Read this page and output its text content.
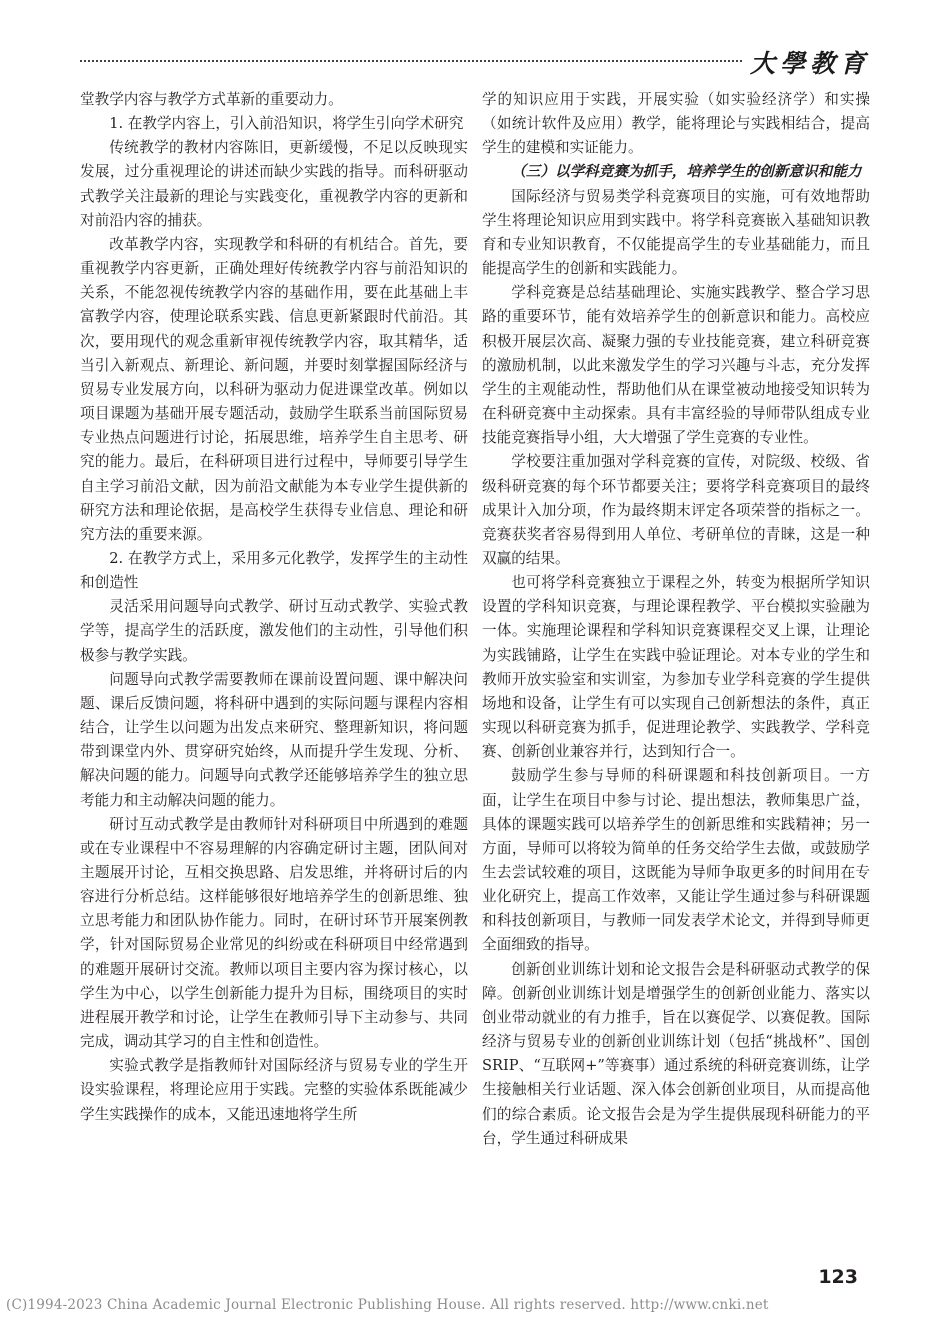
大學教育

堂教学内容与教学方式革新的重要动力。

1. 在教学内容上，引入前沿知识，将学生引向学术研究

传统教学的教材内容陈旧，更新缓慢，不足以反映现实发展，过分重视理论的讲述而缺少实践的指导。而科研驱动式教学关注最新的理论与实践变化，重视教学内容的更新和对前沿内容的捕获。

改革教学内容，实现教学和科研的有机结合。首先，要重视教学内容更新，正确处理好传统教学内容与前沿知识的关系，不能忽视传统教学内容的基础作用，要在此基础上丰富教学内容，使理论联系实践、信息更新紧跟时代前沿。其次，要用现代的观念重新审视传统教学内容，取其精华，适当引入新观点、新理论、新问题，并要时刻掌握国际经济与贸易专业发展方向，以科研为驱动力促进课堂改革。例如以项目课题为基础开展专题活动，鼓励学生联系当前国际贸易专业热点问题进行讨论，拓展思维，培养学生自主思考、研究的能力。最后，在科研项目进行过程中，导师要引导学生自主学习前沿文献，因为前沿文献能为本专业学生提供新的研究方法和理论依据，是高校学生获得专业信息、理论和研究方法的重要来源。

2. 在教学方式上，采用多元化教学，发挥学生的主动性和创造性

灵活采用问题导向式教学、研讨互动式教学、实验式教学等，提高学生的活跃度，激发他们的主动性，引导他们积极参与教学实践。

问题导向式教学需要教师在课前设置问题、课中解决问题、课后反馈问题，将科研中遇到的实际问题与课程内容相结合，让学生以问题为出发点来研究、整理新知识，将问题带到课堂内外、贯穿研究始终，从而提升学生发现、分析、解决问题的能力。问题导向式教学还能够培养学生的独立思考能力和主动解决问题的能力。

研讨互动式教学是由教师针对科研项目中所遇到的难题或在专业课程中不容易理解的内容确定研讨主题，团队间对主题展开讨论，互相交换思路、启发思维，并将研讨后的内容进行分析总结。这样能够很好地培养学生的创新思维、独立思考能力和团队协作能力。同时，在研讨环节开展案例教学，针对国际贸易企业常见的纠纷或在科研项目中经常遇到的难题开展研讨交流。教师以项目主要内容为探讨核心，以学生为中心，以学生创新能力提升为目标，围绕项目的实时进程展开教学和讨论，让学生在教师引导下主动参与、共同完成，调动其学习的自主性和创造性。

实验式教学是指教师针对国际经济与贸易专业的学生开设实验课程，将理论应用于实践。完整的实验体系既能减少学生实践操作的成本，又能迅速地将学生所

学的知识应用于实践，开展实验（如实验经济学）和实操（如统计软件及应用）教学，能将理论与实践相结合，提高学生的建模和实证能力。

（三）以学科竞赛为抓手，培养学生的创新意识和能力

国际经济与贸易类学科竞赛项目的实施，可有效地帮助学生将理论知识应用到实践中。将学科竞赛嵌入基础知识教育和专业知识教育，不仅能提高学生的专业基础能力，而且能提高学生的创新和实践能力。

学科竞赛是总结基础理论、实施实践教学、整合学习思路的重要环节，能有效培养学生的创新意识和能力。高校应积极开展层次高、凝聚力强的专业技能竞赛，建立科研竞赛的激励机制，以此来激发学生的学习兴趣与斗志，充分发挥学生的主观能动性，帮助他们从在课堂被动地接受知识转为在科研竞赛中主动探索。具有丰富经验的导师带队组成专业技能竞赛指导小组，大大增强了学生竞赛的专业性。

学校要注重加强对学科竞赛的宣传，对院级、校级、省级科研竞赛的每个环节都要关注；要将学科竞赛项目的最终成果计入加分项，作为最终期末评定各项荣誉的指标之一。竞赛获奖者容易得到用人单位、考研单位的青睐，这是一种双赢的结果。

也可将学科竞赛独立于课程之外，转变为根据所学知识设置的学科知识竞赛，与理论课程教学、平台模拟实验融为一体。实施理论课程和学科知识竞赛课程交叉上课，让理论为实践铺路，让学生在实践中验证理论。对本专业的学生和教师开放实验室和实训室，为参加专业学科竞赛的学生提供场地和设备，让学生有可以实现自己创新想法的条件，真正实现以科研竞赛为抓手，促进理论教学、实践教学、学科竞赛、创新创业兼容并行，达到知行合一。

鼓励学生参与导师的科研课题和科技创新项目。一方面，让学生在项目中参与讨论、提出想法，教师集思广益，具体的课题实践可以培养学生的创新思维和实践精神；另一方面，导师可以将较为简单的任务交给学生去做，或鼓励学生去尝试较难的项目，这既能为导师争取更多的时间用在专业化研究上，提高工作效率，又能让学生通过参与科研课题和科技创新项目，与教师一同发表学术论文，并得到导师更全面细致的指导。

创新创业训练计划和论文报告会是科研驱动式教学的保障。创新创业训练计划是增强学生的创新创业能力、落实以创业带动就业的有力推手，旨在以赛促学、以赛促教。国际经济与贸易专业的创新创业训练计划（包括“挑战杯”、国创SRIP、“互联网+”等赛事）通过系统的科研竞赛训练，让学生接触相关行业话题、深入体会创新创业项目，从而提高他们的综合素质。论文报告会是为学生提供展现科研能力的平台，学生通过科研成果

123
(C)1994-2023 China Academic Journal Electronic Publishing House. All rights reserved. http://www.cnki.net
